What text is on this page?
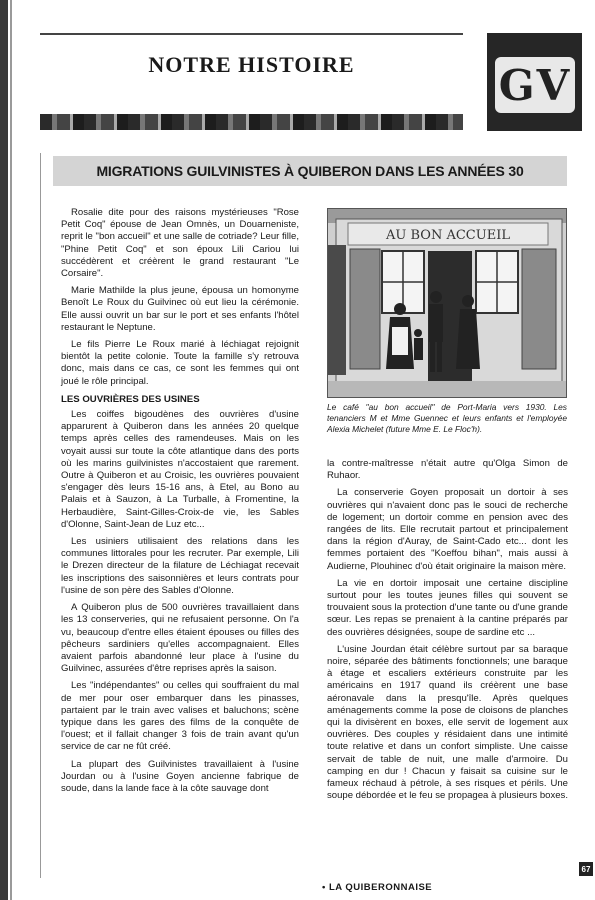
NOTRE HISTOIRE	GV
MIGRATIONS GUILVINISTES À QUIBERON DANS LES ANNÉES 30

Rosalie dite pour des raisons mystérieuses "Rose Petit Coq" épouse de Jean Omnès, un Douarneniste, reprit le "bon accueil" et une salle de cotriade? Leur fille, "Phine Petit Coq" et son époux Lili Cariou lui succédèrent et créèrent le grand restaurant "Le Corsaire".

Marie Mathilde la plus jeune, épousa un homonyme Benoît Le Roux du Guilvinec où eut lieu la cérémonie. Elle aussi ouvrit un bar sur le port et ses enfants l'hôtel restaurant le Neptune.

Le fils Pierre Le Roux marié à léchiagat rejoignit bientôt la petite colonie. Toute la famille s'y retrouva donc, mais dans ce cas, ce sont les femmes qui ont joué le rôle principal.

LES OUVRIÈRES DES USINES

Les coiffes bigoudènes des ouvrières d'usine apparurent à Quiberon dans les années 20 quelque temps après celles des ramendeuses. Mais on les voyait aussi sur toute la côte atlantique dans des ports où les marins guilvinistes n'accostaient que rarement. Outre à Quiberon et au Croisic, les ouvrières pouvaient s'engager dès leurs 15-16 ans, à Etel, au Bono au Palais et à Sauzon, à La Turballe, à Fromentine, la Herbaudière, Saint-Gilles-Croix-de vie, les Sables d'Olonne, Saint-Jean de Luz etc...

Les usiniers utilisaient des relations dans les communes littorales pour les recruter. Par exemple, Lili le Drezen directeur de la filature de Léchiagat recevait les inscriptions des saisonnières et leurs contrats pour l'usine de son père des Sables d'Olonne.

A Quiberon plus de 500 ouvrières travaillaient dans les 13 conserveries, qui ne refusaient personne. On l'a vu, beaucoup d'entre elles étaient épouses ou filles des pêcheurs sardiniers qu'elles accompagnaient. Elles avaient parfois abandonné leur place à l'usine du Guilvinec, assurées d'être reprises après la saison.

Les "indépendantes" ou celles qui souffraient du mal de mer pour oser embarquer dans les pinasses, partaient par le train avec valises et baluchons; scène typique dans les gares des films de la conquête de l'ouest; et il fallait changer 3 fois de train avant qu'un service de car ne fût créé.

La plupart des Guilvinistes travaillaient à l'usine Jourdan ou à l'usine Goyen ancienne fabrique de soude, dans la lande face à la côte sauvage dont

AU BON ACCUEIL
Le café "au bon accueil" de Port-Maria vers 1930. Les tenanciers M et Mme Guennec et leurs enfants et l'employée Alexia Michelet (future Mme E. Le Floc'h).

la contre-maîtresse n'était autre qu'Olga Simon de Ruhaor.

La conserverie Goyen proposait un dortoir à ses ouvrières qui n'avaient donc pas le souci de recherche de logement; un dortoir comme en pension avec des rangées de lits. Elle recrutait partout et principalement dans la région d'Auray, de Saint-Cado etc... dont les femmes portaient des "Koeffou bihan", mais aussi à Audierne, Plouhinec d'où était originaire la maison mère.

La vie en dortoir imposait une certaine discipline surtout pour les toutes jeunes filles qui souvent se trouvaient sous la protection d'une tante ou d'une grande sœur. Les repas se prenaient à la cantine préparés par des ouvrières désignées, soupe de sardine etc ...

L'usine Jourdan était célèbre surtout par sa baraque noire, séparée des bâtiments fonctionnels; une baraque à étage et escaliers extérieurs construite par les américains en 1917 quand ils créèrent une base aéronavale dans la presqu'île. Après quelques aménagements comme la pose de cloisons de planches qui la divisèrent en boxes, elle servit de logement aux ouvrières. Des couples y résidaient dans une intimité toute relative et dans un confort simpliste. Une caisse servait de table de nuit, une malle d'armoire. Du camping en dur ! Chacun y faisait sa cuisine sur le fameux réchaud à pétrole, à ses risques et périls. Une soupe débordée et le feu se propagea à plusieurs boxes.

• LA QUIBERONNAISE
67
